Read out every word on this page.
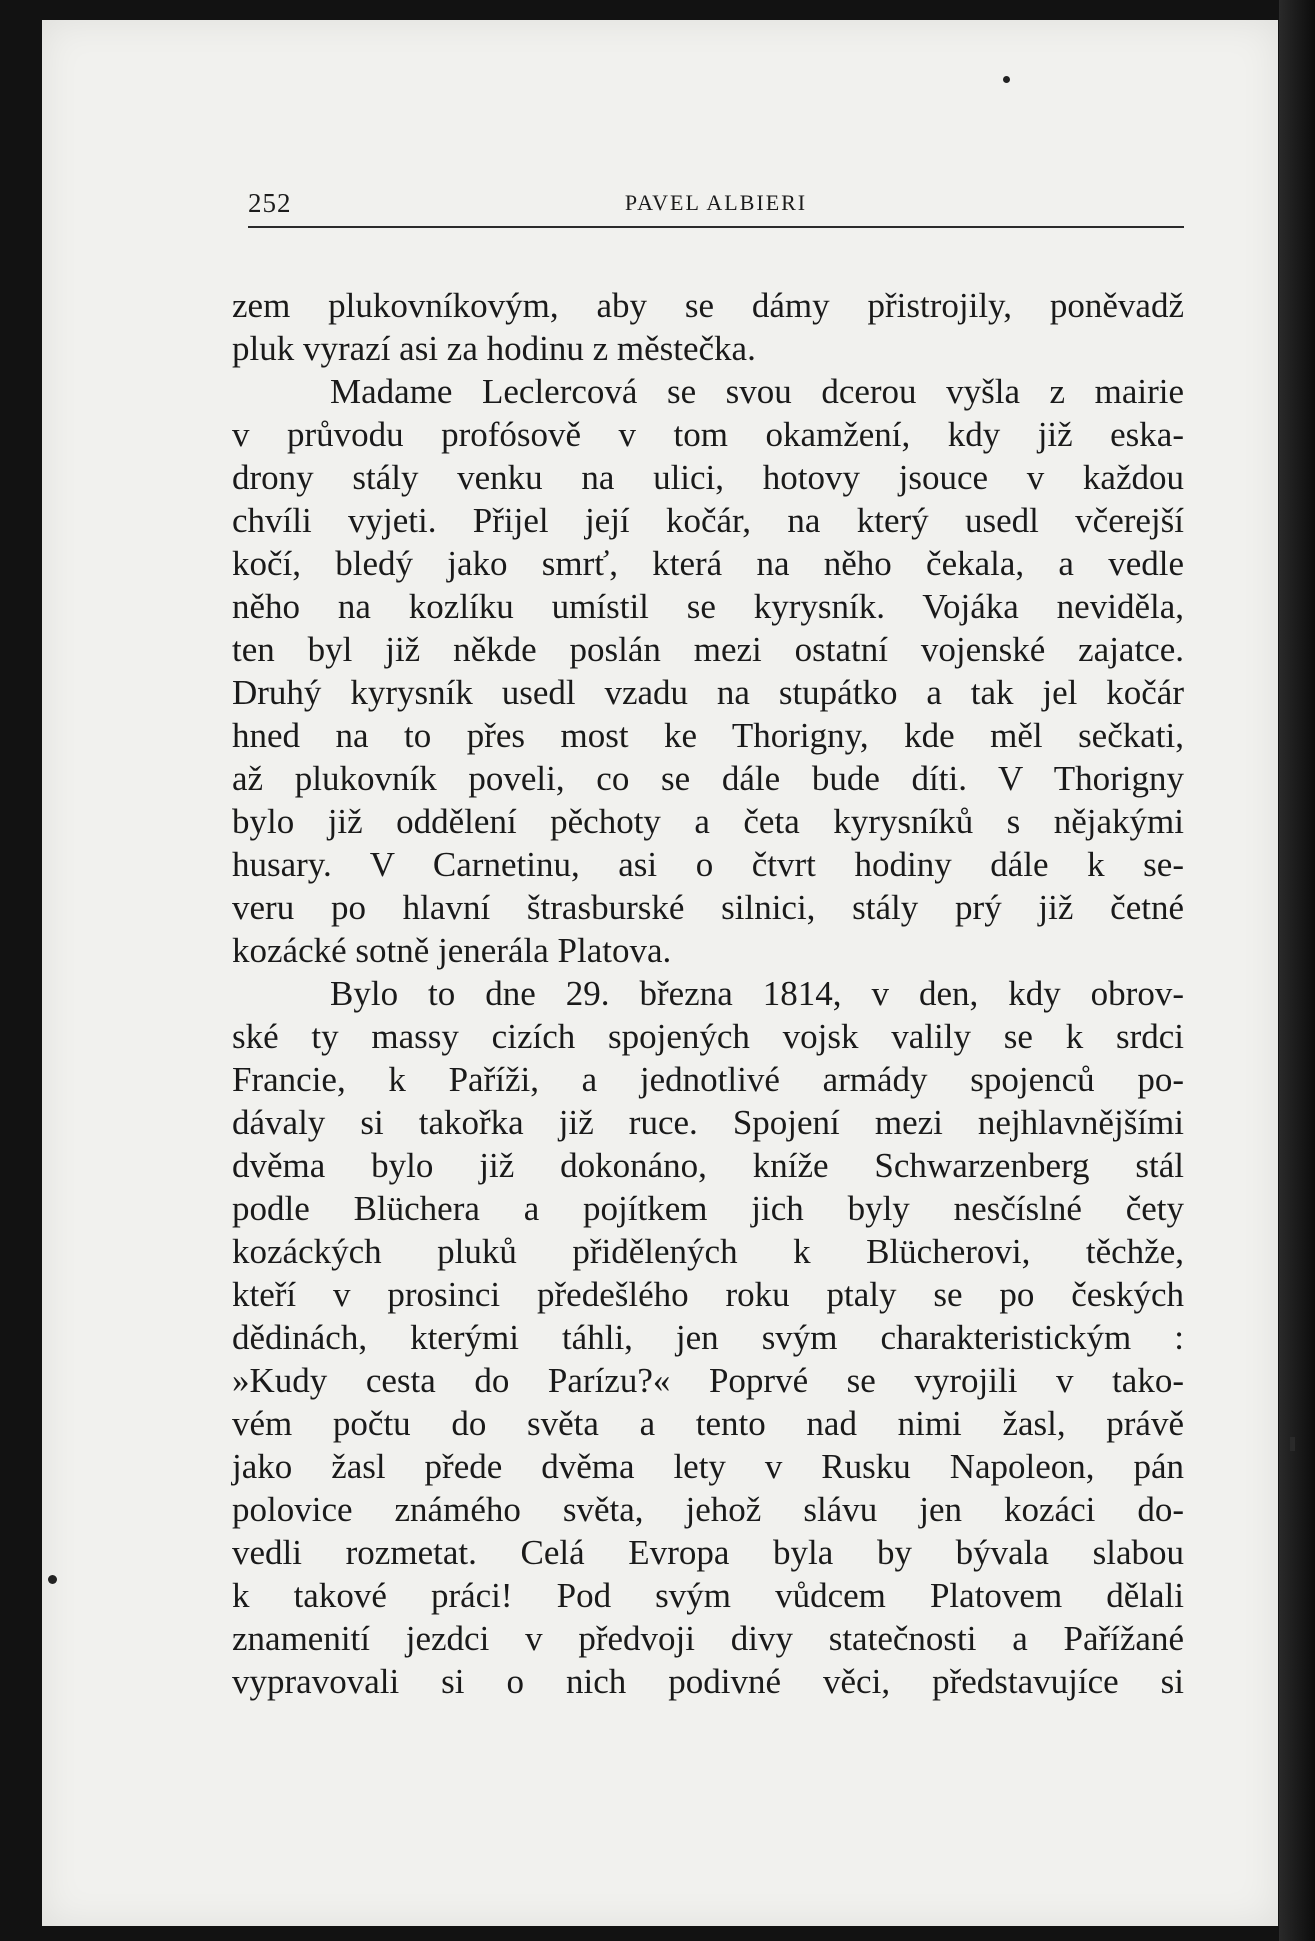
252	PAVEL ALBIERI
zem plukovníkovým, aby se dámy přistrojily, poněvadž
pluk vyrazí asi za hodinu z městečka.
Madame Leclercová se svou dcerou vyšla z mairie
v průvodu profósově v tom okamžení, kdy již eska-
drony stály venku na ulici, hotovy jsouce v každou
chvíli vyjeti. Přijel její kočár, na který usedl včerejší
kočí, bledý jako smrť, která na něho čekala, a vedle
něho na kozlíku umístil se kyrysník. Vojáka neviděla,
ten byl již někde poslán mezi ostatní vojenské zajatce.
Druhý kyrysník usedl vzadu na stupátko a tak jel kočár
hned na to přes most ke Thorigny, kde měl sečkati,
až plukovník poveli, co se dále bude díti. V Thorigny
bylo již oddělení pěchoty a četa kyrysníků s nějakými
husary. V Carnetinu, asi o čtvrt hodiny dále k se-
veru po hlavní štrasburské silnici, stály prý již četné
kozácké sotně jenerála Platova.
Bylo to dne 29. března 1814, v den, kdy obrov-
ské ty massy cizích spojených vojsk valily se k srdci
Francie, k Paříži, a jednotlivé armády spojenců po-
dávaly si takořka již ruce. Spojení mezi nejhlavnějšími
dvěma bylo již dokonáno, kníže Schwarzenberg stál
podle Blüchera a pojítkem jich byly nesčíslné čety
kozáckých pluků přidělených k Blücherovi, těchže,
kteří v prosinci předešlého roku ptaly se po českých
dědinách, kterými táhli, jen svým charakteristickým :
»Kudy cesta do Parízu?« Poprvé se vyrojili v tako-
vém počtu do světa a tento nad nimi žasl, právě
jako žasl přede dvěma lety v Rusku Napoleon, pán
polovice známého světa, jehož slávu jen kozáci do-
vedli rozmetat. Celá Evropa byla by bývala slabou
k takové práci! Pod svým vůdcem Platovem dělali
znamenití jezdci v předvoji divy statečnosti a Pařížané
vypravovali si o nich podivné věci, představujíce si
